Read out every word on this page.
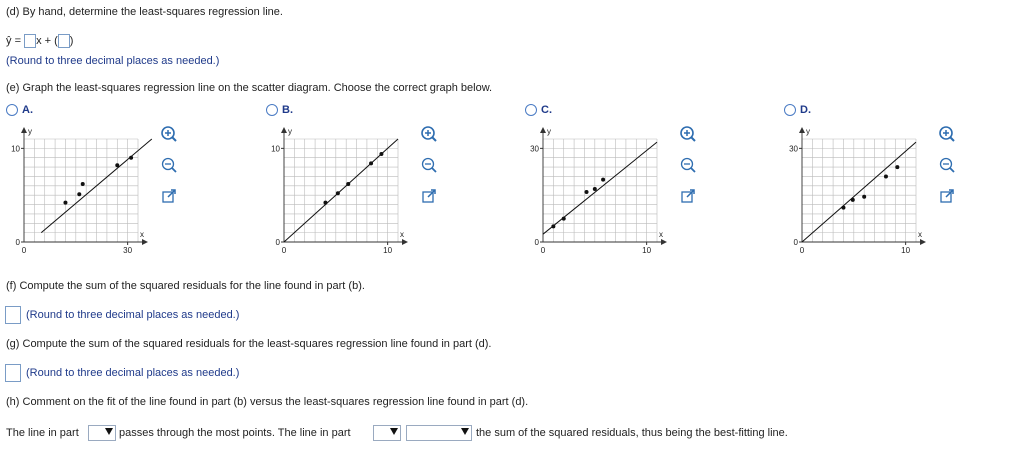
(d) By hand, determine the least-squares regression line.
ŷ = x + ( )
(Round to three decimal places as needed.)
(e) Graph the least-squares regression line on the scatter diagram. Choose the correct graph below.
A.
y
x
10
0
0	30
B.
y
x
10
0
0	10
C.
y
x
30
0
0	10
D.
y
x
30
0
0	10
(f) Compute the sum of the squared residuals for the line found in part (b).
(Round to three decimal places as needed.)
(g) Compute the sum of the squared residuals for the least-squares regression line found in part (d).
(Round to three decimal places as needed.)
(h) Comment on the fit of the line found in part (b) versus the least-squares regression line found in part (d).
The line in part	passes through the most points. The line in part	the sum of the squared residuals, thus being the best-fitting line.
